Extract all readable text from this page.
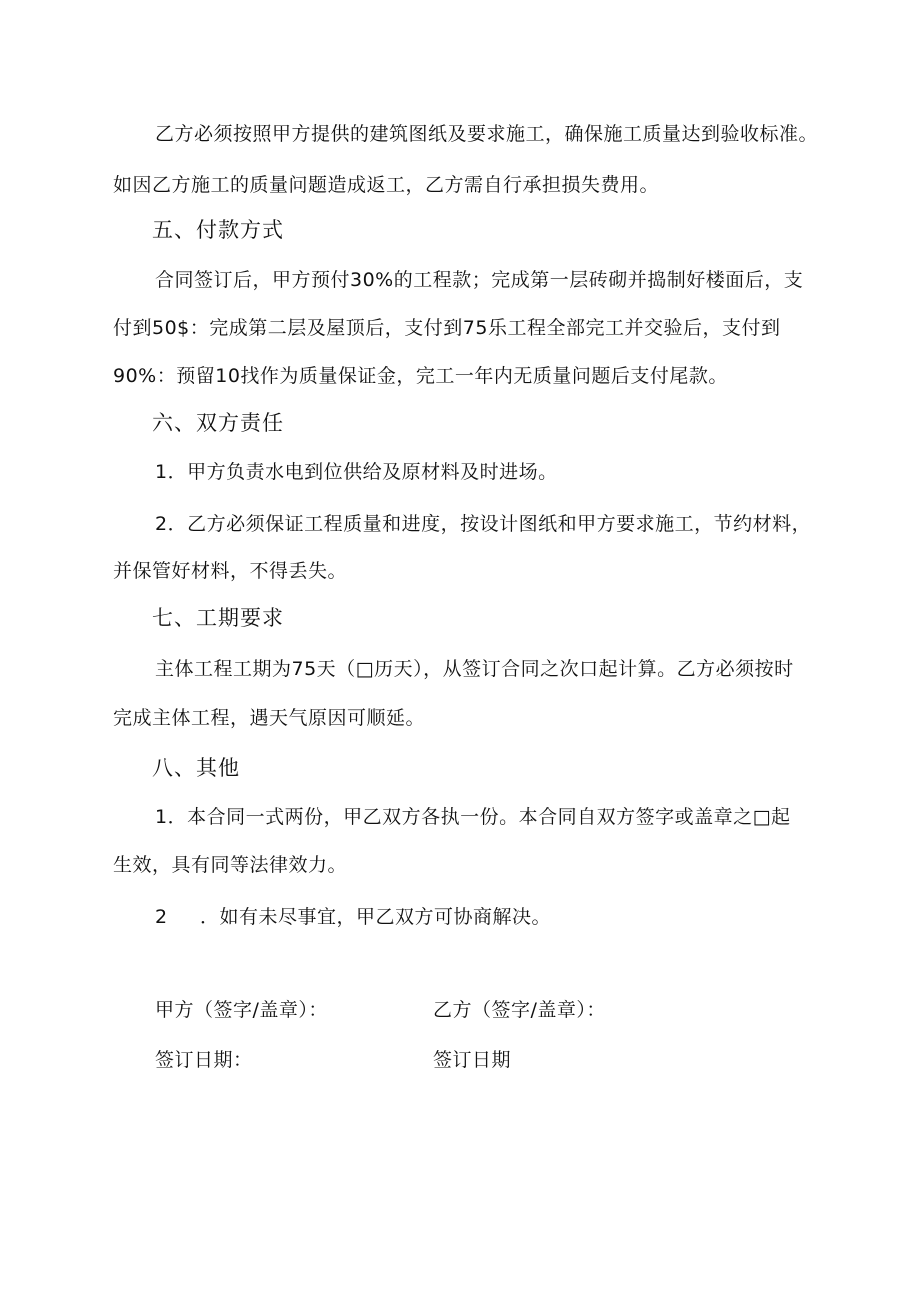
乙方必须按照甲方提供的建筑图纸及要求施工，确保施工质量达到验收标准。
如因乙方施工的质量问题造成返工，乙方需自行承担损失费用。
五、付款方式
合同签订后，甲方预付30%的工程款；完成第一层砖砌并捣制好楼面后，支
付到50$：完成第二层及屋顶后，支付到75乐工程全部完工并交验后，支付到
90%：预留10找作为质量保证金，完工一年内无质量问题后支付尾款。
六、双方责任
1．甲方负责水电到位供给及原材料及时进场。
2．乙方必须保证工程质量和进度，按设计图纸和甲方要求施工，节约材料，
并保管好材料，不得丢失。
七、工期要求
主体工程工期为75天（□历天），从签订合同之次口起计算。乙方必须按时
完成主体工程，遇天气原因可顺延。
八、其他
1．本合同一式两份，甲乙双方各执一份。本合同自双方签字或盖章之□起
生效，具有同等法律效力。
2 ．如有未尽事宜，甲乙双方可协商解决。
甲方（签字/盖章）：	乙方（签字/盖章）：
签订日期：	签订日期
